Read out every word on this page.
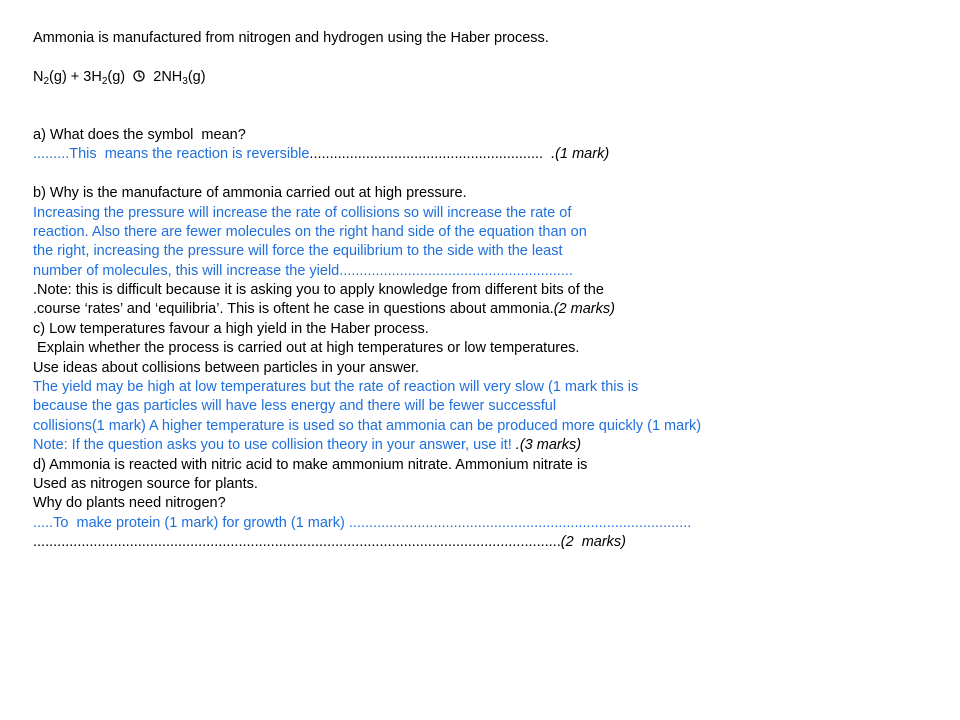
Ammonia is manufactured from nitrogen and hydrogen using the Haber process.
$N_2(g) + 3H_2(g)$ $2NH_3(g)$
a) What does the symbol  mean?
.........This  means the reaction is reversible.......................................................... .(1 mark)
b) Why is the manufacture of ammonia carried out at high pressure.
Increasing the pressure will increase the rate of collisions so will increase the rate of
reaction. Also there are fewer molecules on the right hand side of the equation than on
the right, increasing the pressure will force the equilibrium to the side with the least
number of molecules, this will increase the yield..........................................................
.Note: this is difficult because it is asking you to apply knowledge from different bits of the
.course ‘rates’ and ‘equilibria’. This is oftent he case in questions about ammonia.(2 marks)
c) Low temperatures favour a high yield in the Haber process.
Explain whether the process is carried out at high temperatures or low temperatures.
Use ideas about collisions between particles in your answer.
The yield may be high at low temperatures but the rate of reaction will very slow (1 mark this is
because the gas particles will have less energy and there will be fewer successful
collisions(1 mark) A higher temperature is used so that ammonia can be produced more quickly (1 mark)
Note: If the question asks you to use collision theory in your answer, use it! .(3 marks)
d) Ammonia is reacted with nitric acid to make ammonium nitrate. Ammonium nitrate is
Used as nitrogen source for plants.
Why do plants need nitrogen?
.....To  make protein (1 mark) for growth (1 mark) .....................................................................................
...................................................................................................................................(2  marks)
